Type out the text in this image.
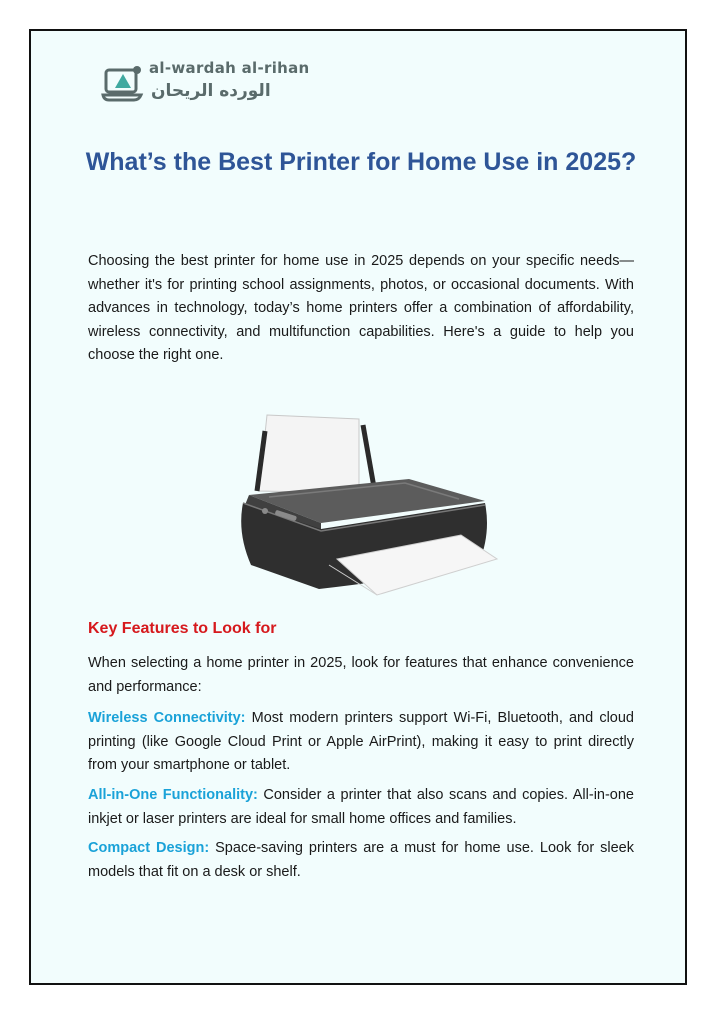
al-wardah al-rihan
الورده الريحان
What’s the Best Printer for Home Use in 2025?

Choosing the best printer for home use in 2025 depends on your specific needs—whether it's for printing school assignments, photos, or occasional documents. With advances in technology, today’s home printers offer a combination of affordability, wireless connectivity, and multifunction capabilities. Here's a guide to help you choose the right one.

Key Features to Look for

When selecting a home printer in 2025, look for features that enhance convenience and performance:

Wireless Connectivity: Most modern printers support Wi-Fi, Bluetooth, and cloud printing (like Google Cloud Print or Apple AirPrint), making it easy to print directly from your smartphone or tablet.

All-in-One Functionality: Consider a printer that also scans and copies. All-in-one inkjet or laser printers are ideal for small home offices and families.

Compact Design: Space-saving printers are a must for home use. Look for sleek models that fit on a desk or shelf.
